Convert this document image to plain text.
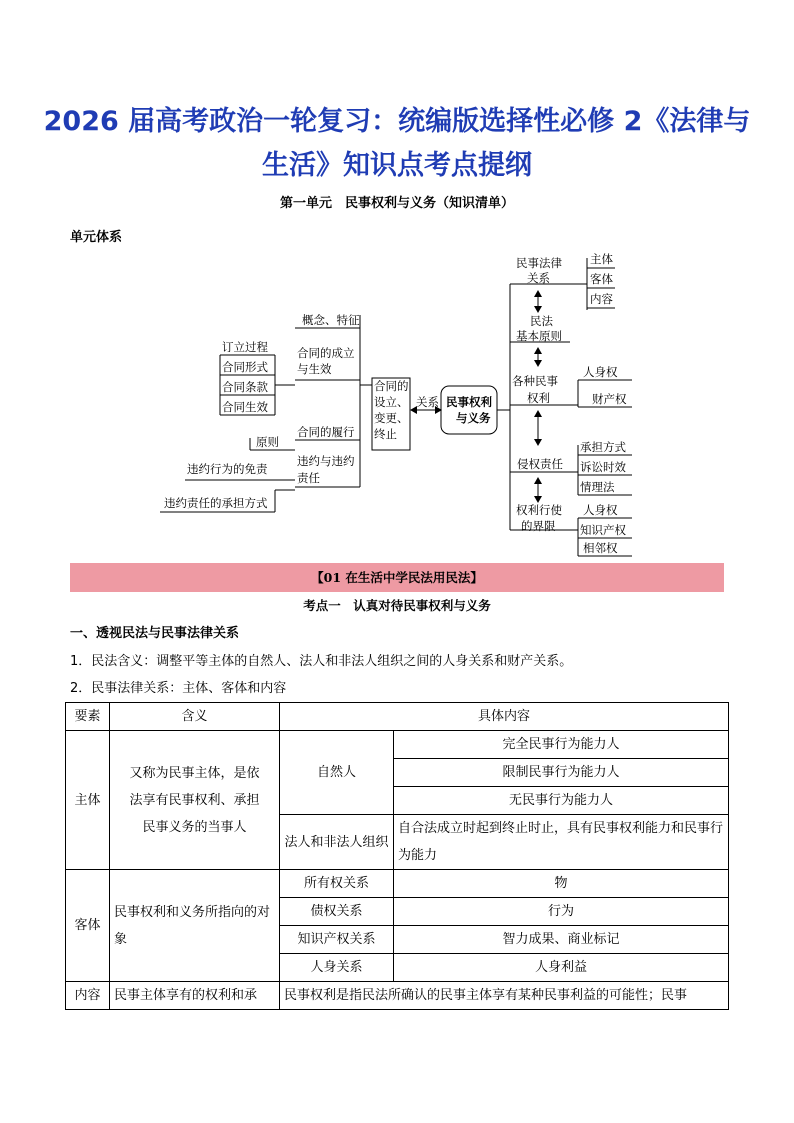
2026 届高考政治一轮复习：统编版选择性必修 2《法律与生活》知识点考点提纲
第一单元　民事权利与义务（知识清单）
单元体系
订立过程
合同形式
合同条款
合同生效
原则
违约行为的免责
违约责任的承担方式
概念、特征
合同的成立与生效
合同的履行
违约与违约责任
合同的设立、变更、终止
关系 民事权利与义务
民事法律关系
民法基本原则
各种民事权利
侵权责任
权利行使的界限
主体
客体
内容
人身权
财产权
承担方式
诉讼时效
情理法
人身权
知识产权
相邻权
【01 在生活中学民法用民法】
考点一　认真对待民事权利与义务
一、透视民法与民事法律关系
1．民法含义：调整平等主体的自然人、法人和非法人组织之间的人身关系和财产关系。
2．民事法律关系：主体、客体和内容
要素	含义	具体内容	
主体	又称为民事主体，是依法享有民事权利、承担民事义务的当事人	自然人	完全民事行为能力人
			限制民事行为能力人
			无民事行为能力人
		法人和非法人组织	自合法成立时起到终止时止，具有民事权利能力和民事行为能力

客体	民事权利和义务所指向的对象	所有权关系	物
		债权关系	行为
		知识产权关系	智力成果、商业标记
		人身关系	人身利益
内容	民事主体享有的权利和承	民事权利是指民法所确认的民事主体享有某种民事利益的可能性；民事	
